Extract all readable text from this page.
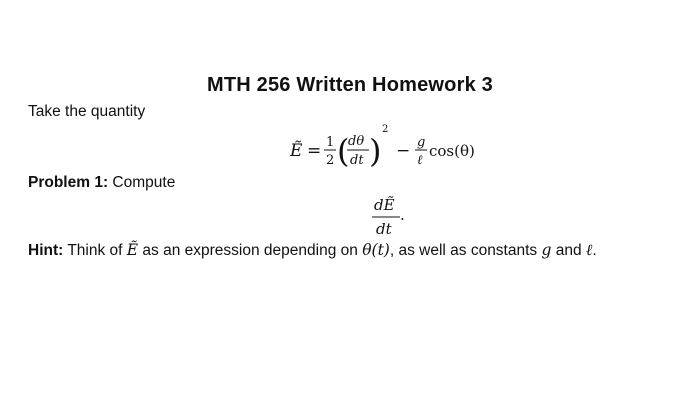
MTH 256 Written Homework 3
Take the quantity
Ẽ = 1
2 (
dθ
dt )
2
− g
ℓ
cos(θ)
Problem 1: Compute
dẼ
dt
.
Hint: Think of Ẽ as an expression depending on θ(t), as well as constants g and ℓ.
